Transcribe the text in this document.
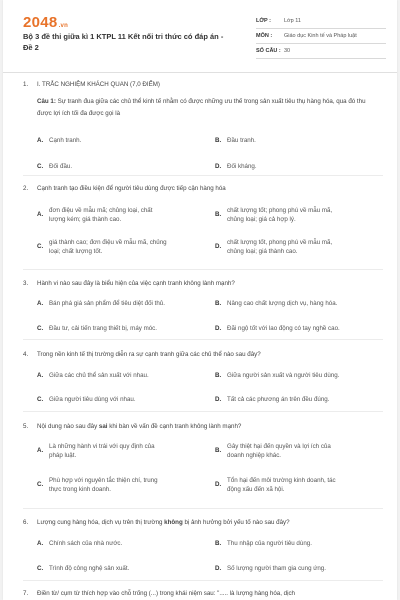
2048.vn
Bộ 3 đề thi giữa kì 1 KTPL 11 Kết nối tri thức có đáp án - Đề 2
LỚP :	Lớp 11
MÔN :	Giáo dục Kinh tế và Pháp luật
SỐ CÂU : 30
1.	I. TRẮC NGHIỆM KHÁCH QUAN (7,0 ĐIỂM)
Câu 1: Sự tranh đua giữa các chủ thể kinh tế nhằm có được những ưu thế trong sản xuất tiêu thụ hàng hóa, qua đó thu được lợi ích tối đa được gọi là
A. Cạnh tranh.	B. Đầu tranh.
C. Đối đầu.	D. Đối kháng.
2.	Cạnh tranh tạo điều kiện để người tiêu dùng được tiếp cận hàng hóa
A.
đơn điệu về mẫu mã; chủng loại, chất
lượng kém; giá thành cao.
B.
chất lượng tốt; phong phú về mẫu mã,
chủng loại; giá cả hợp lý.
C.
giá thành cao; đơn điệu về mẫu mã, chủng
loại; chất lượng tốt.
D.
chất lượng tốt, phong phú về mẫu mã,
chủng loại; giá thành cao.
3.	Hành vi nào sau đây là biểu hiện của việc cạnh tranh không lành mạnh?
A. Bán phá giá sản phẩm để tiêu diệt đối thủ.	B. Nâng cao chất lượng dịch vụ, hàng hóa.
C. Đầu tư, cải tiến trang thiết bị, máy móc.	D. Đãi ngộ tốt với lao động có tay nghề cao.
4.	Trong nền kinh tế thị trường diễn ra sự cạnh tranh giữa các chủ thể nào sau đây?
A. Giữa các chủ thể sản xuất với nhau.	B. Giữa người sản xuất và người tiêu dùng.
C. Giữa người tiêu dùng với nhau.	D. Tất cả các phương án trên đều đúng.
5.	Nội dung nào sau đây sai khi bàn về vấn đề cạnh tranh không lành mạnh?
A.
Là những hành vi trái với quy định của
pháp luật.
B.
Gây thiệt hại đến quyền và lợi ích của
doanh nghiệp khác.
C.
Phù hợp với nguyên tắc thiện chí, trung
thực trong kinh doanh.
D.
Tổn hại đến môi trường kinh doanh, tác
động xấu đến xã hội.
6.	Lượng cung hàng hóa, dịch vụ trên thị trường không bị ảnh hưởng bởi yếu tố nào sau đây?
A. Chính sách của nhà nước.	B. Thu nhập của người tiêu dùng.
C. Trình độ công nghệ sản xuất.	D. Số lượng người tham gia cung ứng.
7.	Điền từ/ cụm từ thích hợp vào chỗ trống (...) trong khái niệm sau: "..... là lượng hàng hóa, dịch
